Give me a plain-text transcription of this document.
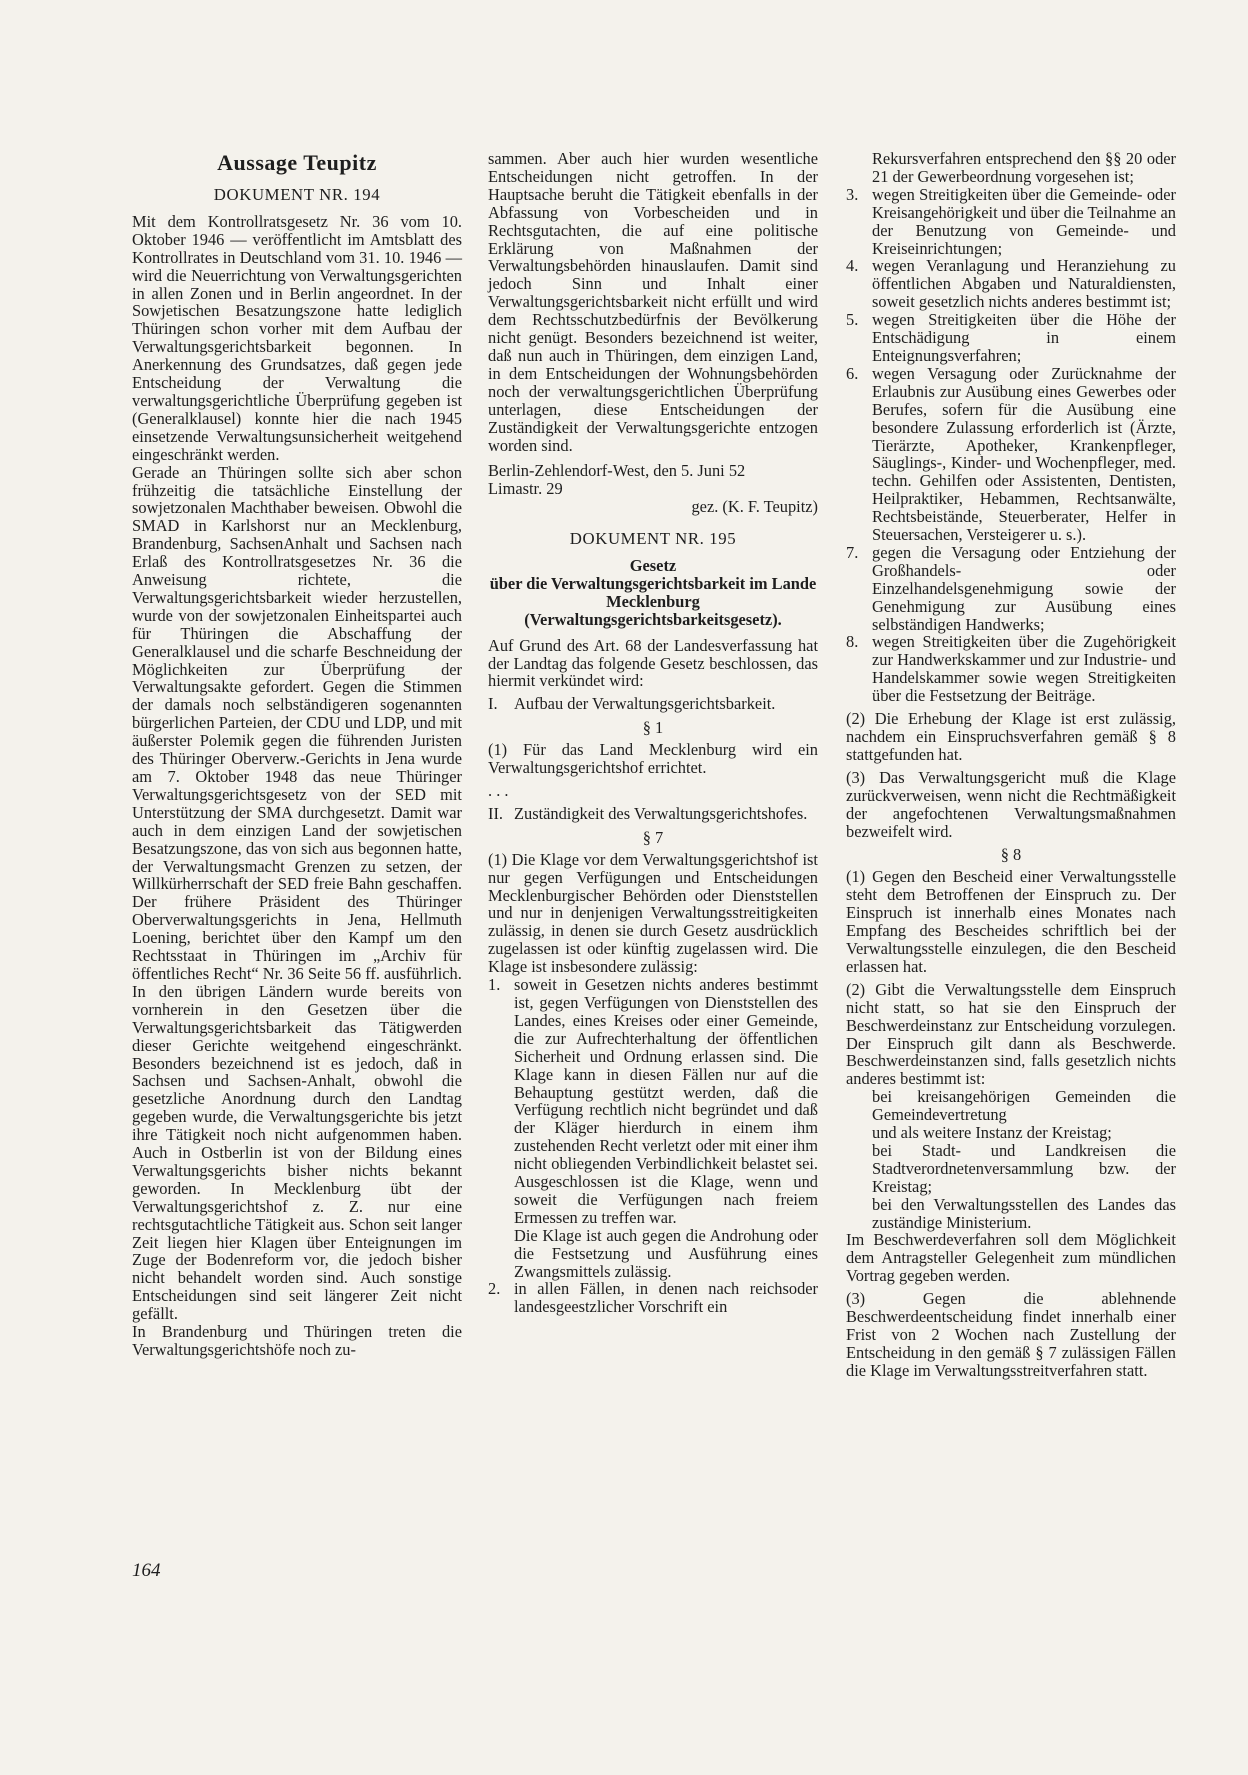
Aussage Teupitz
DOKUMENT NR. 194

Mit dem Kontrollratsgesetz Nr. 36 vom 10. Oktober 1946 — veröffentlicht im Amtsblatt des Kontrollrates in Deutschland vom 31. 10. 1946 — wird die Neuerrichtung von Verwaltungsgerichten in allen Zonen und in Berlin angeordnet. In der Sowjetischen Besatzungszone hatte lediglich Thüringen schon vorher mit dem Aufbau der Verwaltungsgerichtsbarkeit begonnen. In Anerkennung des Grundsatzes, daß gegen jede Entscheidung der Verwaltung die verwaltungsgerichtliche Überprüfung gegeben ist (Generalklausel) konnte hier die nach 1945 einsetzende Verwaltungsunsicherheit weitgehend eingeschränkt werden.

Gerade an Thüringen sollte sich aber schon frühzeitig die tatsächliche Einstellung der sowjetzonalen Machthaber beweisen. Obwohl die SMAD in Karlshorst nur an Mecklenburg, Brandenburg, SachsenAnhalt und Sachsen nach Erlaß des Kontrollratsgesetzes Nr. 36 die Anweisung richtete, die Verwaltungsgerichtsbarkeit wieder herzustellen, wurde von der sowjetzonalen Einheitspartei auch für Thüringen die Abschaffung der Generalklausel und die scharfe Beschneidung der Möglichkeiten zur Überprüfung der Verwaltungsakte gefordert. Gegen die Stimmen der damals noch selbständigeren sogenannten bürgerlichen Parteien, der CDU und LDP, und mit äußerster Polemik gegen die führenden Juristen des Thüringer Oberverw.-Gerichts in Jena wurde am 7. Oktober 1948 das neue Thüringer Verwaltungsgerichtsgesetz von der SED mit Unterstützung der SMA durchgesetzt. Damit war auch in dem einzigen Land der sowjetischen Besatzungszone, das von sich aus begonnen hatte, der Verwaltungsmacht Grenzen zu setzen, der Willkürherrschaft der SED freie Bahn geschaffen. Der frühere Präsident des Thüringer Oberverwaltungsgerichts in Jena, Hellmuth Loening, berichtet über den Kampf um den Rechtsstaat in Thüringen im „Archiv für öffentliches Recht“ Nr. 36 Seite 56 ff. ausführlich.

In den übrigen Ländern wurde bereits von vornherein in den Gesetzen über die Verwaltungsgerichtsbarkeit das Tätigwerden dieser Gerichte weitgehend eingeschränkt. Besonders bezeichnend ist es jedoch, daß in Sachsen und Sachsen-Anhalt, obwohl die gesetzliche Anordnung durch den Landtag gegeben wurde, die Verwaltungsgerichte bis jetzt ihre Tätigkeit noch nicht aufgenommen haben. Auch in Ostberlin ist von der Bildung eines Verwaltungsgerichts bisher nichts bekannt geworden. In Mecklenburg übt der Verwaltungsgerichtshof z. Z. nur eine rechtsgutachtliche Tätigkeit aus. Schon seit langer Zeit liegen hier Klagen über Enteignungen im Zuge der Bodenreform vor, die jedoch bisher nicht behandelt worden sind. Auch sonstige Entscheidungen sind seit längerer Zeit nicht gefällt.

In Brandenburg und Thüringen treten die Verwaltungsgerichtshöfe noch zu-

sammen. Aber auch hier wurden wesentliche Entscheidungen nicht getroffen. In der Hauptsache beruht die Tätigkeit ebenfalls in der Abfassung von Vorbescheiden und in Rechtsgutachten, die auf eine politische Erklärung von Maßnahmen der Verwaltungsbehörden hinauslaufen. Damit sind jedoch Sinn und Inhalt einer Verwaltungsgerichtsbarkeit nicht erfüllt und wird dem Rechtsschutzbedürfnis der Bevölkerung nicht genügt. Besonders bezeichnend ist weiter, daß nun auch in Thüringen, dem einzigen Land, in dem Entscheidungen der Wohnungsbehörden noch der verwaltungsgerichtlichen Überprüfung unterlagen, diese Entscheidungen der Zuständigkeit der Verwaltungsgerichte entzogen worden sind.

Berlin-Zehlendorf-West, den 5. Juni 52

Limastr. 29

gez. (K. F. Teupitz)

DOKUMENT NR. 195
Gesetz
über die Verwaltungsgerichtsbarkeit im Lande Mecklenburg
(Verwaltungsgerichtsbarkeitsgesetz).

Auf Grund des Art. 68 der Landesverfassung hat der Landtag das folgende Gesetz beschlossen, das hiermit verkündet wird:

I.	Aufbau der Verwaltungsgerichtsbarkeit.
§ 1

(1) Für das Land Mecklenburg wird ein Verwaltungsgerichtshof errichtet.

. . .

II. Zuständigkeit des Verwaltungsgerichtshofes.
§ 7

(1) Die Klage vor dem Verwaltungsgerichtshof ist nur gegen Verfügungen und Entscheidungen Mecklenburgischer Behörden oder Dienststellen und nur in denjenigen Verwaltungsstreitigkeiten zulässig, in denen sie durch Gesetz ausdrücklich zugelassen ist oder künftig zugelassen wird. Die Klage ist insbesondere zulässig:

1. soweit in Gesetzen nichts anderes bestimmt ist, gegen Verfügungen von Dienststellen des Landes, eines Kreises oder einer Gemeinde, die zur Aufrechterhaltung der öffentlichen Sicherheit und Ordnung erlassen sind. Die Klage kann in diesen Fällen nur auf die Behauptung gestützt werden, daß die Verfügung rechtlich nicht begründet und daß der Kläger hierdurch in einem ihm zustehenden Recht verletzt oder mit einer ihm nicht obliegenden Verbindlichkeit belastet sei. Ausgeschlossen ist die Klage, wenn und soweit die Verfügungen nach freiem Ermessen zu treffen war.

Die Klage ist auch gegen die Androhung oder die Festsetzung und Ausführung eines Zwangsmittels zulässig.

2. in allen Fällen, in denen nach reichsoder landesgeestzlicher Vorschrift ein

Rekursverfahren entsprechend den §§ 20 oder 21 der Gewerbeordnung vorgesehen ist;

3. wegen Streitigkeiten über die Gemeinde- oder Kreisangehörigkeit und über die Teilnahme an der Benutzung von Gemeinde- und Kreiseinrichtungen;
4. wegen Veranlagung und Heranziehung zu öffentlichen Abgaben und Naturaldiensten, soweit gesetzlich nichts anderes bestimmt ist;
5. wegen Streitigkeiten über die Höhe der Entschädigung in einem Enteignungsverfahren;
6. wegen Versagung oder Zurücknahme der Erlaubnis zur Ausübung eines Gewerbes oder Berufes, sofern für die Ausübung eine besondere Zulassung erforderlich ist (Ärzte, Tierärzte, Apotheker, Krankenpfleger, Säuglings-, Kinder- und Wochenpfleger, med. techn. Gehilfen oder Assistenten, Dentisten, Heilpraktiker, Hebammen, Rechtsanwälte, Rechtsbeistände, Steuerberater, Helfer in Steuersachen, Versteigerer u. s.).
7. gegen die Versagung oder Entziehung der Großhandels- oder Einzelhandelsgenehmigung sowie der Genehmigung zur Ausübung eines selbständigen Handwerks;
8. wegen Streitigkeiten über die Zugehörigkeit zur Handwerkskammer und zur Industrie- und Handelskammer sowie wegen Streitigkeiten über die Festsetzung der Beiträge.

(2) Die Erhebung der Klage ist erst zulässig, nachdem ein Einspruchsverfahren gemäß § 8 stattgefunden hat.

(3) Das Verwaltungsgericht muß die Klage zurückverweisen, wenn nicht die Rechtmäßigkeit der angefochtenen Verwaltungsmaßnahmen bezweifelt wird.

§ 8

(1) Gegen den Bescheid einer Verwaltungsstelle steht dem Betroffenen der Einspruch zu. Der Einspruch ist innerhalb eines Monates nach Empfang des Bescheides schriftlich bei der Verwaltungsstelle einzulegen, die den Bescheid erlassen hat.

(2) Gibt die Verwaltungsstelle dem Einspruch nicht statt, so hat sie den Einspruch der Beschwerdeinstanz zur Entscheidung vorzulegen. Der Einspruch gilt dann als Beschwerde. Beschwerdeinstanzen sind, falls gesetzlich nichts anderes bestimmt ist:

bei kreisangehörigen Gemeinden die Gemeindevertretung

und als weitere Instanz der Kreistag;

bei Stadt- und Landkreisen die Stadtverordnetenversammlung bzw. der Kreistag;

bei den Verwaltungsstellen des Landes das zuständige Ministerium.

Im Beschwerdeverfahren soll dem Möglichkeit dem Antragsteller Gelegenheit zum mündlichen Vortrag gegeben werden.

(3) Gegen die ablehnende Beschwerdeentscheidung findet innerhalb einer Frist von 2 Wochen nach Zustellung der Entscheidung in den gemäß § 7 zulässigen Fällen die Klage im Verwaltungsstreitverfahren statt.

164
